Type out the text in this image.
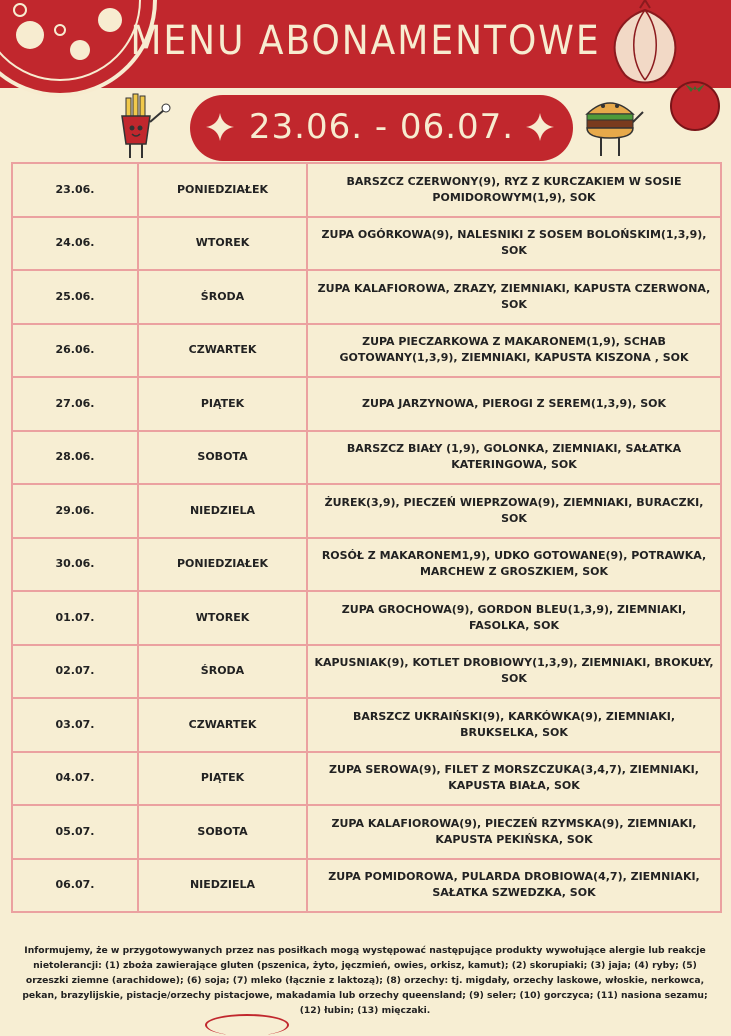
MENU ABONAMENTOWE
23.06. - 06.07.
23.06.	PONIEDZIAŁEK	BARSZCZ CZERWONY(9), RYZ Z KURCZAKIEM W SOSIE POMIDOROWYM(1,9), SOK
24.06.	WTOREK	ZUPA OGÓRKOWA(9), NALESNIKI Z SOSEM BOLOŃSKIM(1,3,9), SOK
25.06.	ŚRODA	ZUPA KALAFIOROWA, ZRAZY, ZIEMNIAKI, KAPUSTA CZERWONA, SOK
26.06.	CZWARTEK	ZUPA PIECZARKOWA Z MAKARONEM(1,9), SCHAB GOTOWANY(1,3,9), ZIEMNIAKI, KAPUSTA KISZONA , SOK
27.06.	PIĄTEK	ZUPA JARZYNOWA, PIEROGI Z SEREM(1,3,9), SOK
28.06.	SOBOTA	BARSZCZ BIAŁY (1,9), GOLONKA, ZIEMNIAKI, SAŁATKA KATERINGOWA, SOK
29.06.	NIEDZIELA	ŻUREK(3,9), PIECZEŃ WIEPRZOWA(9), ZIEMNIAKI, BURACZKI, SOK
30.06.	PONIEDZIAŁEK	ROSÓŁ Z MAKARONEM1,9), UDKO GOTOWANE(9), POTRAWKA, MARCHEW Z GROSZKIEM, SOK
01.07.	WTOREK	ZUPA GROCHOWA(9), GORDON BLEU(1,3,9), ZIEMNIAKI, FASOLKA, SOK
02.07.	ŚRODA	KAPUSNIAK(9), KOTLET DROBIOWY(1,3,9), ZIEMNIAKI, BROKUŁY, SOK
03.07.	CZWARTEK	BARSZCZ UKRAIŃSKI(9), KARKÓWKA(9), ZIEMNIAKI, BRUKSELKA, SOK
04.07.	PIĄTEK	ZUPA SEROWA(9), FILET Z MORSZCZUKA(3,4,7), ZIEMNIAKI, KAPUSTA BIAŁA, SOK
05.07.	SOBOTA	ZUPA KALAFIOROWA(9), PIECZEŃ RZYMSKA(9), ZIEMNIAKI, KAPUSTA PEKIŃSKA, SOK
06.07.	NIEDZIELA	ZUPA POMIDOROWA, PULARDA DROBIOWA(4,7), ZIEMNIAKI, SAŁATKA SZWEDZKA, SOK
Informujemy, że w przygotowywanych przez nas posiłkach mogą występować następujące produkty wywołujące alergie lub reakcje nietolerancji: (1) zboża zawierające gluten (pszenica, żyto, jęczmień, owies, orkisz, kamut); (2) skorupiaki; (3) jaja; (4) ryby; (5) orzeszki ziemne (arachidowe); (6) soja; (7) mleko (łącznie z laktozą); (8) orzechy: tj. migdały, orzechy laskowe, włoskie, nerkowca, pekan, brazylijskie, pistacje/orzechy pistacjowe, makadamia lub orzechy queensland; (9) seler; (10) gorczyca; (11) nasiona sezamu; (12) łubin; (13) mięczaki.
